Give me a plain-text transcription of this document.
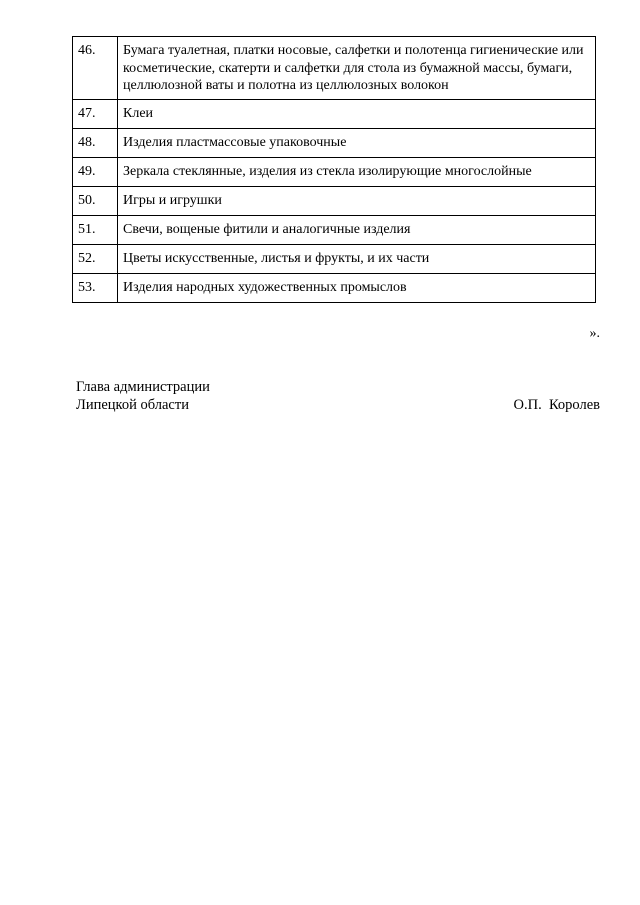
46.	Бумага туалетная, платки носовые, салфетки и полотенца гигиенические или косметические, скатерти и салфетки для стола из бумажной массы, бумаги, целлюлозной ваты и полотна из целлюлозных волокон
47.	Клеи
48.	Изделия пластмассовые упаковочные
49.	Зеркала стеклянные, изделия из стекла изолирующие многослойные
50.	Игры и игрушки
51.	Свечи, вощеные фитили и аналогичные изделия
52.	Цветы искусственные, листья и фрукты, и их части
53.	Изделия народных художественных промыслов
».
Глава администрации
Липецкой области	О.П.  Королев
